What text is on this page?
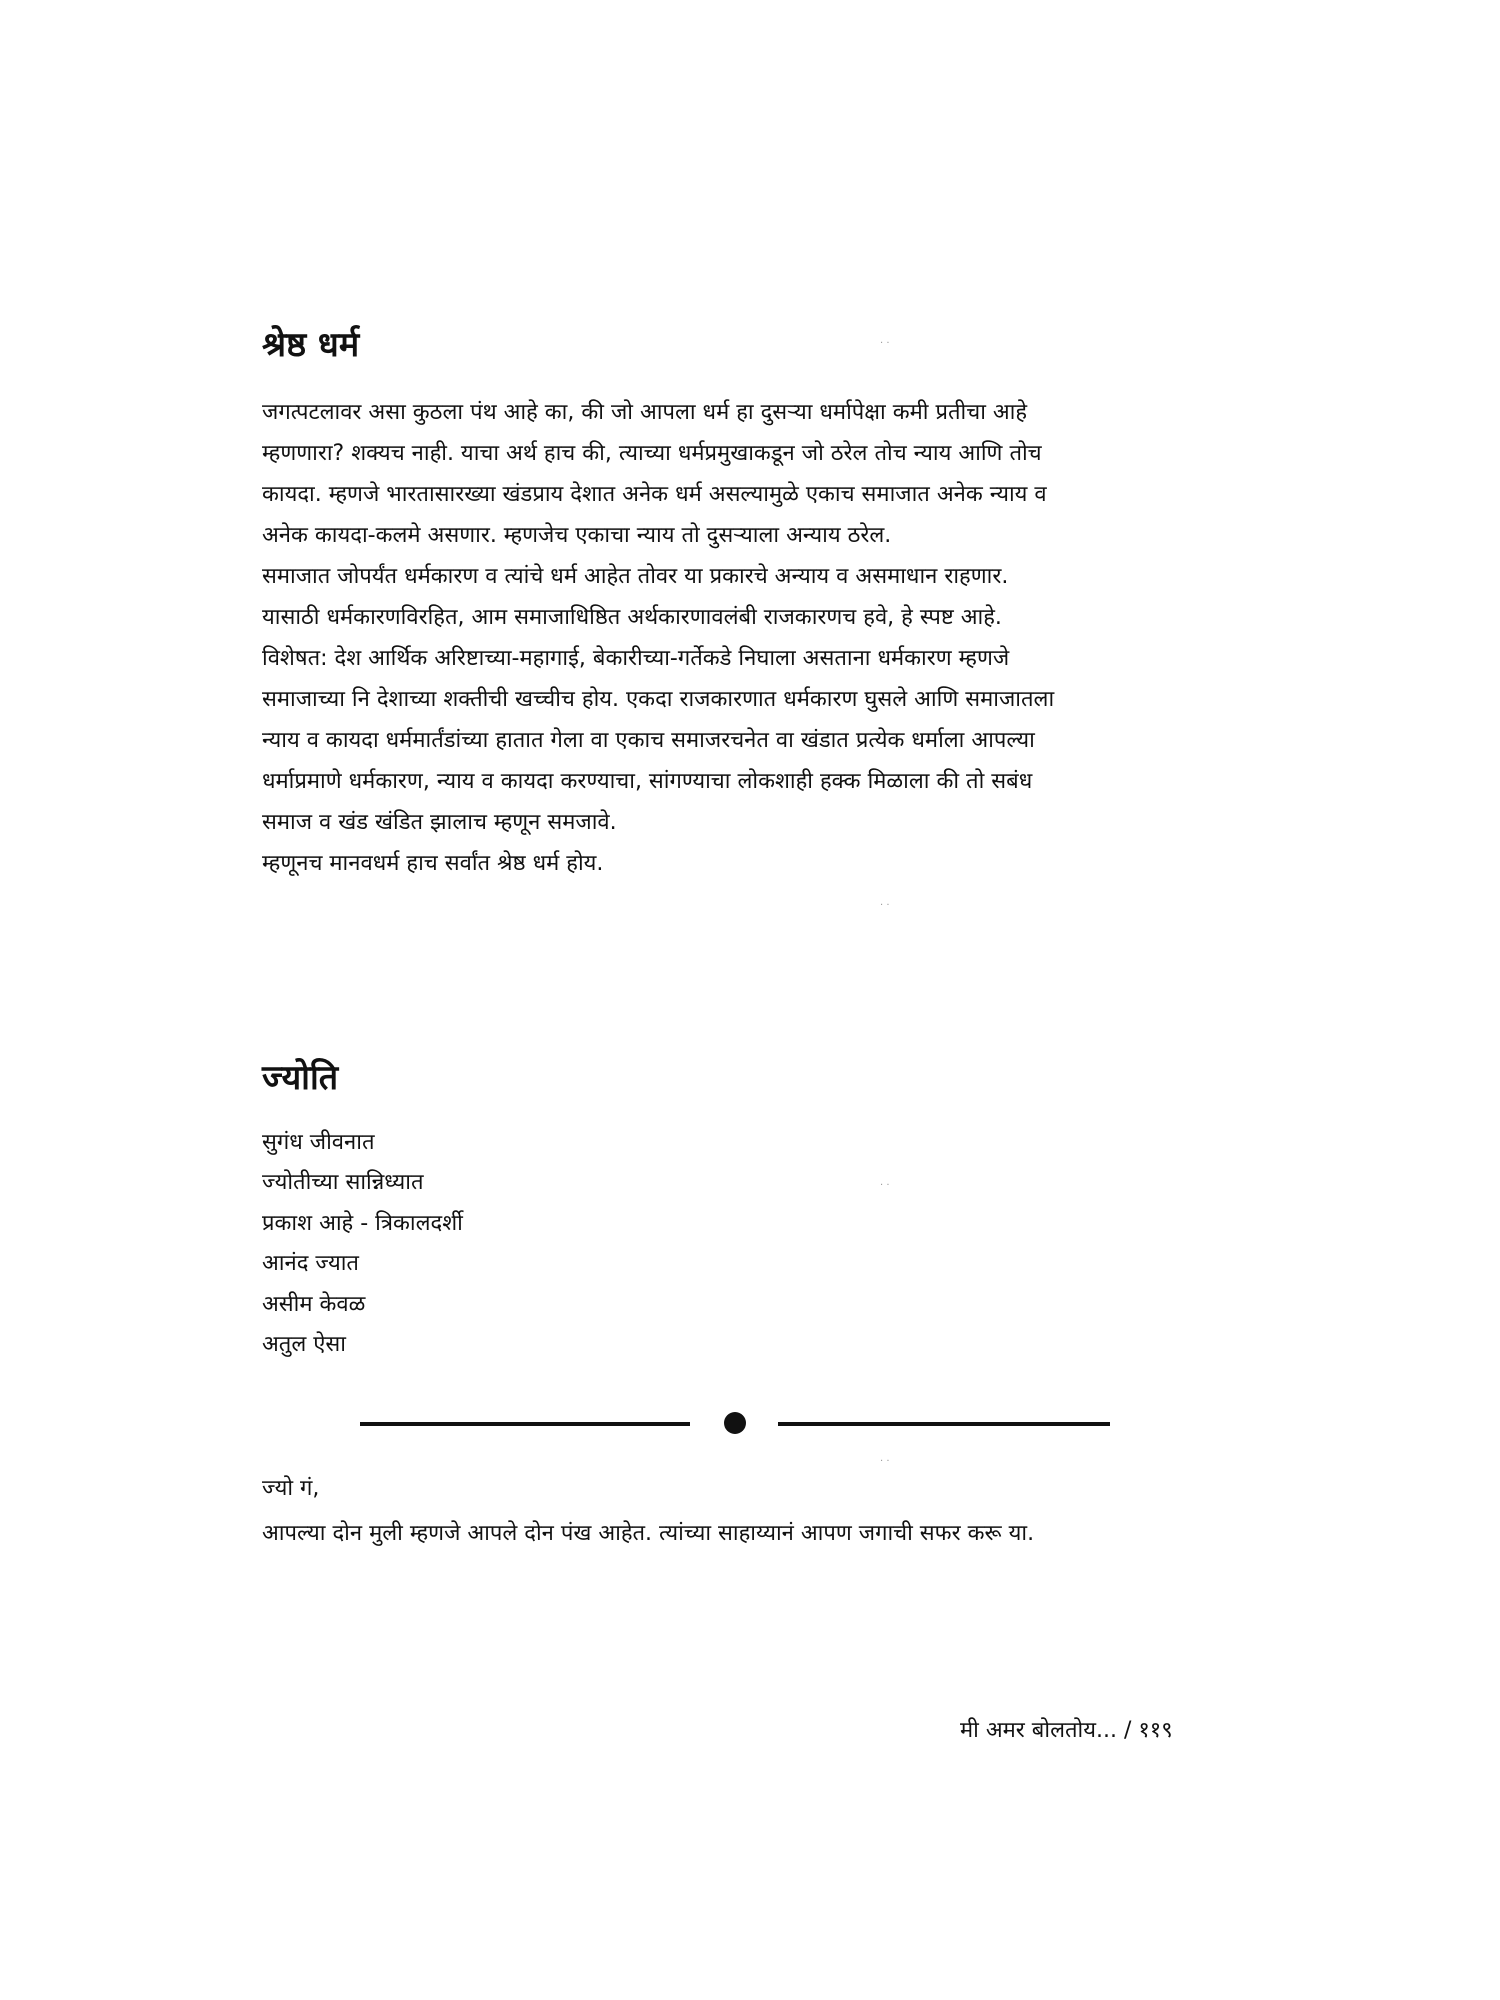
श्रेष्ठ धर्म

जगत्पटलावर असा कुठला पंथ आहे का, की जो आपला धर्म हा दुसऱ्या धर्मापेक्षा कमी प्रतीचा आहे
म्हणणारा? शक्यच नाही. याचा अर्थ हाच की, त्याच्या धर्मप्रमुखाकडून जो ठरेल तोच न्याय आणि तोच
कायदा. म्हणजे भारतासारख्या खंडप्राय देशात अनेक धर्म असल्यामुळे एकाच समाजात अनेक न्याय व
अनेक कायदा-कलमे असणार. म्हणजेच एकाचा न्याय तो दुसऱ्याला अन्याय ठरेल.
समाजात जोपर्यंत धर्मकारण व त्यांचे धर्म आहेत तोवर या प्रकारचे अन्याय व असमाधान राहणार.
यासाठी धर्मकारणविरहित, आम समाजाधिष्ठित अर्थकारणावलंबी राजकारणच हवे, हे स्पष्ट आहे.
विशेषत: देश आर्थिक अरिष्टाच्या-महागाई, बेकारीच्या-गर्तेकडे निघाला असताना धर्मकारण म्हणजे
समाजाच्या नि देशाच्या शक्तीची खच्चीच होय. एकदा राजकारणात धर्मकारण घुसले आणि समाजातला
न्याय व कायदा धर्ममार्तंडांच्या हातात गेला वा एकाच समाजरचनेत वा खंडात प्रत्येक धर्माला आपल्या
धर्माप्रमाणे धर्मकारण, न्याय व कायदा करण्याचा, सांगण्याचा लोकशाही हक्क मिळाला की तो सबंध
समाज व खंड खंडित झालाच म्हणून समजावे.
म्हणूनच मानवधर्म हाच सर्वांत श्रेष्ठ धर्म होय.

ज्योति
सुगंध जीवनात
ज्योतीच्या सान्निध्यात
प्रकाश आहे - त्रिकालदर्शी
आनंद ज्यात
असीम केवळ
अतुल ऐसा

ज्यो गं,
आपल्या दोन मुली म्हणजे आपले दोन पंख आहेत. त्यांच्या साहाय्यानं आपण जगाची सफर करू या.

मी अमर बोलतोय... / ११९

· ·
· ·
· ·
· ·
